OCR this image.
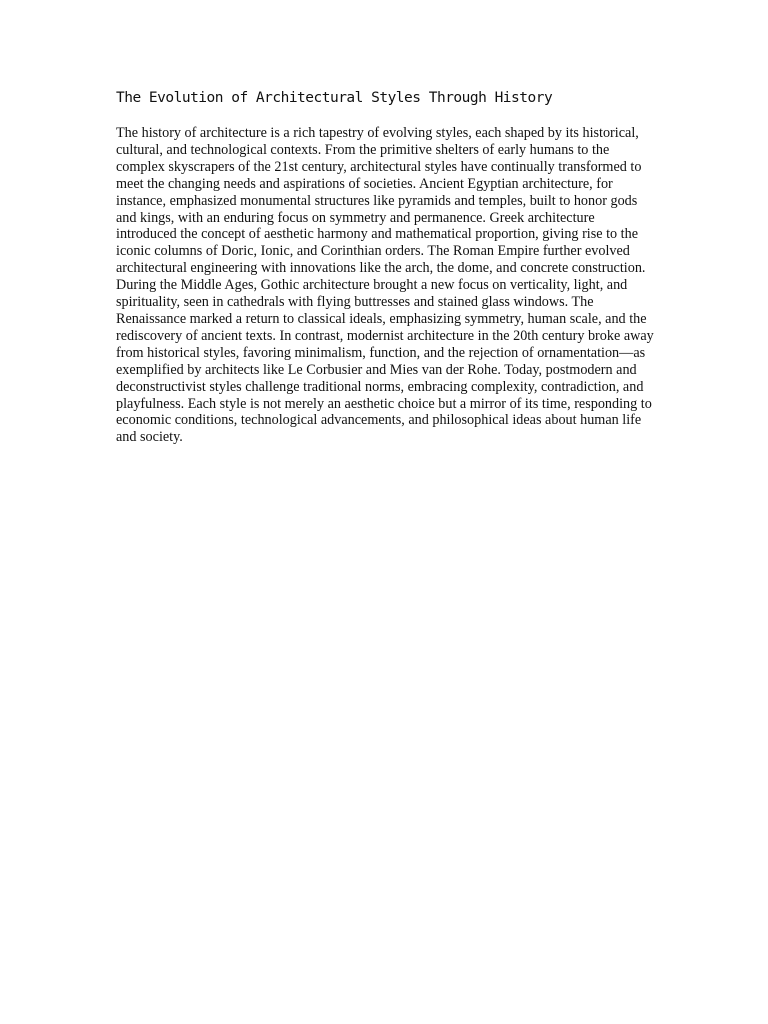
The Evolution of Architectural Styles Through History

The history of architecture is a rich tapestry of evolving styles, each shaped by its historical, cultural, and technological contexts. From the primitive shelters of early humans to the complex skyscrapers of the 21st century, architectural styles have continually transformed to meet the changing needs and aspirations of societies. Ancient Egyptian architecture, for instance, emphasized monumental structures like pyramids and temples, built to honor gods and kings, with an enduring focus on symmetry and permanence. Greek architecture introduced the concept of aesthetic harmony and mathematical proportion, giving rise to the iconic columns of Doric, Ionic, and Corinthian orders. The Roman Empire further evolved architectural engineering with innovations like the arch, the dome, and concrete construction. During the Middle Ages, Gothic architecture brought a new focus on verticality, light, and spirituality, seen in cathedrals with flying buttresses and stained glass windows. The Renaissance marked a return to classical ideals, emphasizing symmetry, human scale, and the rediscovery of ancient texts. In contrast, modernist architecture in the 20th century broke away from historical styles, favoring minimalism, function, and the rejection of ornamentation—as exemplified by architects like Le Corbusier and Mies van der Rohe. Today, postmodern and deconstructivist styles challenge traditional norms, embracing complexity, contradiction, and playfulness. Each style is not merely an aesthetic choice but a mirror of its time, responding to economic conditions, technological advancements, and philosophical ideas about human life and society.
